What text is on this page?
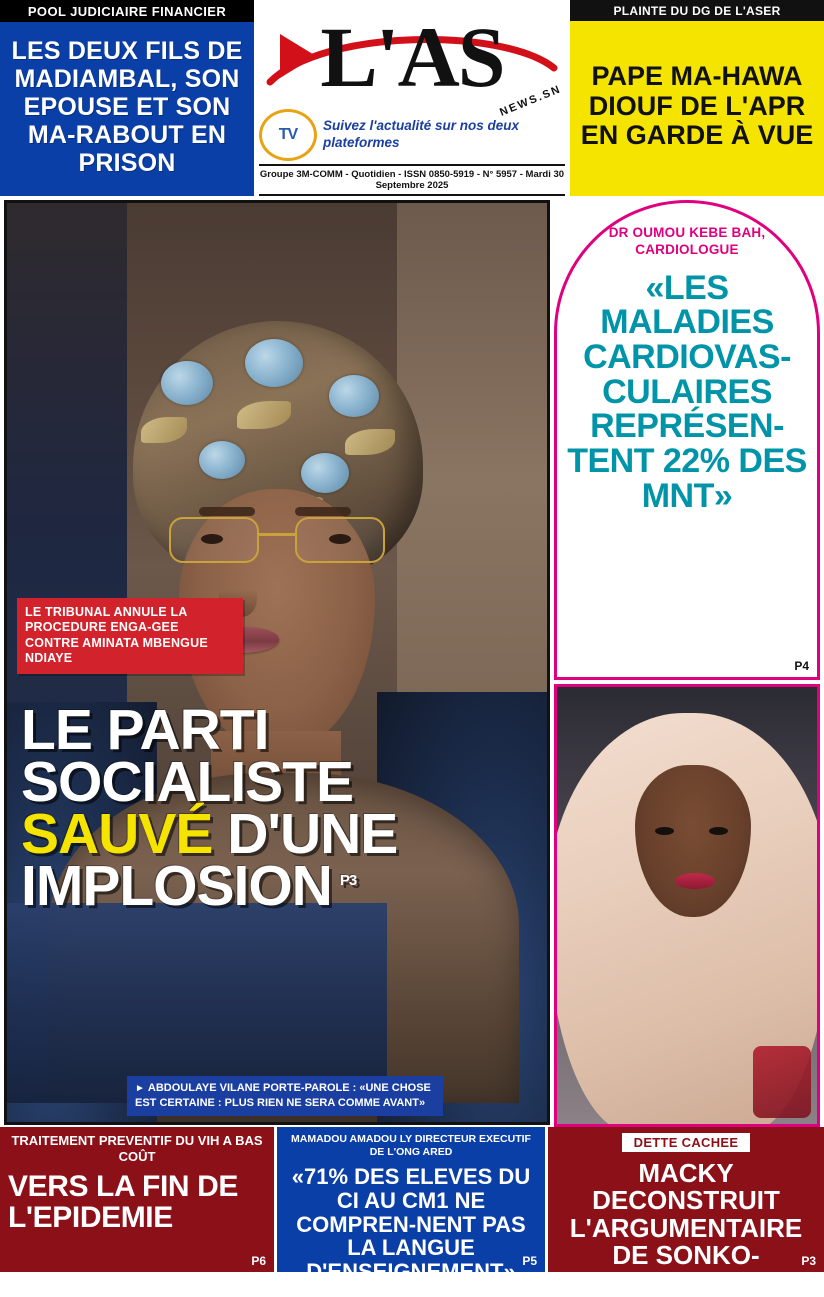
POOL JUDICIAIRE FINANCIER
LES DEUX FILS DE MADIAMBAL, SON EPOUSE ET SON MA-RABOUT EN PRISON
L'AS
TV
Suivez l'actualité sur nos deux plateformes
NEWS.SN
Groupe 3M-COMM - Quotidien - ISSN 0850-5919 - N° 5957 - Mardi 30 Septembre 2025
PLAINTE DU DG DE L'ASER
PAPE MA-HAWA DIOUF DE L'APR EN GARDE À VUE
LE TRIBUNAL ANNULE LA PROCEDURE ENGA-GEE CONTRE AMINATA MBENGUE NDIAYE
LE PARTI
SOCIALISTE
SAUVÉ D'UNE
IMPLOSION $^{P3}$
► ABDOULAYE VILANE PORTE-PAROLE : «UNE CHOSE EST CERTAINE : PLUS RIEN NE SERA COMME AVANT»
DR OUMOU KEBE BAH,
CARDIOLOGUE
«LES MALADIES CARDIOVAS-CULAIRES REPRÉSEN-TENT 22% DES MNT»
P4
TRAITEMENT PREVENTIF DU VIH A BAS COÛT
VERS LA FIN DE L'EPIDEMIE
P6
MAMADOU AMADOU LY DIRECTEUR EXECUTIF DE L'ONG ARED
«71% DES ELEVES DU CI AU CM1 NE COMPREN-NENT PAS LA LANGUE D'ENSEIGNEMENT» P5
DETTE CACHEE
MACKY DECONSTRUIT L'ARGUMENTAIRE DE SONKO-DIOMAYE
P3
